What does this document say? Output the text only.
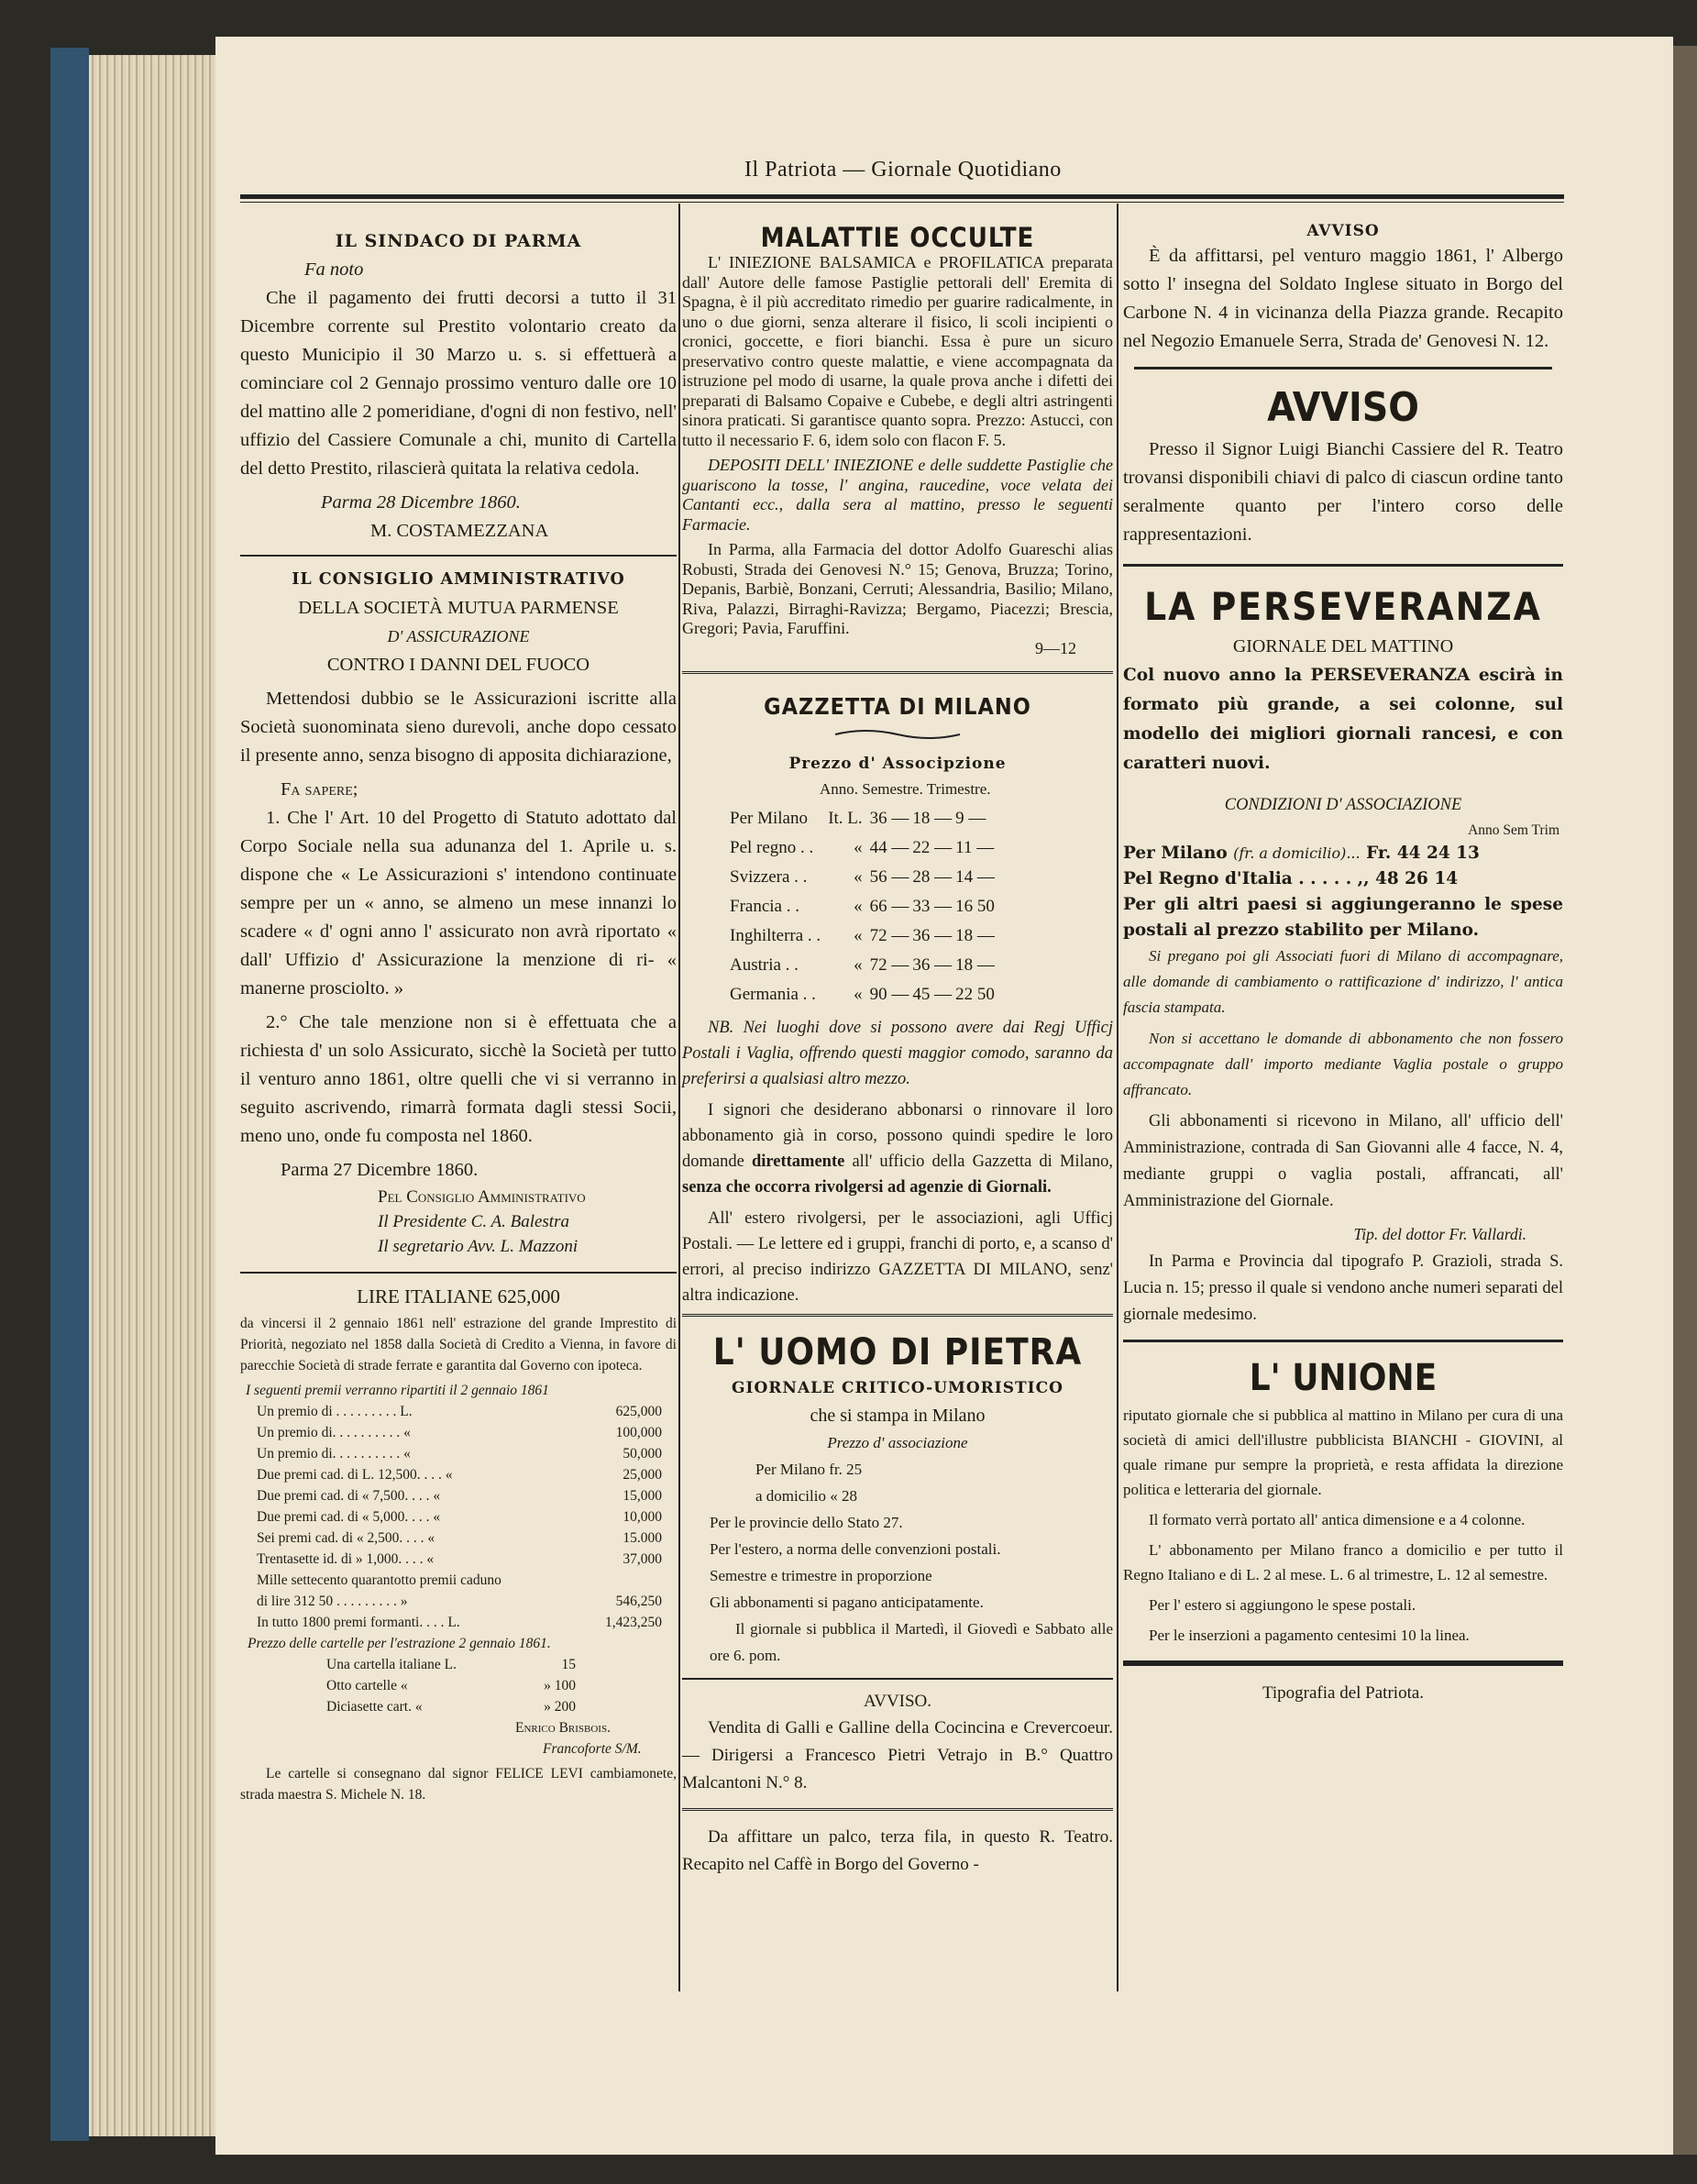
Il Patriota — Giornale Quotidiano
IL SINDACO DI PARMA
Fa noto

Che il pagamento dei frutti decorsi a tutto il 31 Dicembre corrente sul Prestito volontario creato da questo Municipio il 30 Marzo u. s. si effettuerà a cominciare col 2 Gennajo prossimo venturo dalle ore 10 del mattino alle 2 pomeridiane, d'ogni di non festivo, nell' uffizio del Cassiere Comunale a chi, munito di Cartella del detto Prestito, rilascierà quitata la relativa cedola.

Parma 28 Dicembre 1860.
M. COSTAMEZZANA
IL CONSIGLIO AMMINISTRATIVO
DELLA SOCIETÀ MUTUA PARMENSE
D' ASSICURAZIONE
CONTRO I DANNI DEL FUOCO

Mettendosi dubbio se le Assicurazioni iscritte alla Società suonominata sieno durevoli, anche dopo cessato il presente anno, senza bisogno di apposita dichiarazione,

Fa sapere;

1. Che l' Art. 10 del Progetto di Statuto adottato dal Corpo Sociale nella sua adunanza del 1. Aprile u. s. dispone che « Le Assicurazioni s' intendono continuate sempre per un « anno, se almeno un mese innanzi lo scadere « d' ogni anno l' assicurato non avrà riportato « dall' Uffizio d' Assicurazione la menzione di ri- « manerne prosciolto. »

2.° Che tale menzione non si è effettuata che a richiesta d' un solo Assicurato, sicchè la Società per tutto il venturo anno 1861, oltre quelli che vi si verranno in seguito ascrivendo, rimarrà formata dagli stessi Socii, meno uno, onde fu composta nel 1860.

Parma 27 Dicembre 1860.
Pel Consiglio Amministrativo
Il Presidente C. A. Balestra
Il segretario Avv. L. Mazzoni
LIRE ITALIANE 625,000

da vincersi il 2 gennaio 1861 nell' estrazione del grande Imprestito di Priorità, negoziato nel 1858 dalla Società di Credito a Vienna, in favore di parecchie Società di strade ferrate e garantita dal Governo con ipoteca.

I seguenti premii verranno ripartiti il 2 gennaio 1861
Un premio di . . . . . . . . . L.	625,000
Un premio di. . . . . . . . . . «	100,000
Un premio di. . . . . . . . . . «	50,000
Due premi cad. di L. 12,500. . . . «	25,000
Due premi cad. di « 7,500. . . . «	15,000
Due premi cad. di « 5,000. . . . «	10,000
Sei premi cad. di « 2,500. . . . «	15.000
Trentasette id. di » 1,000. . . . «	37,000
Mille settecento quarantotto premii caduno	
di lire 312 50 . . . . . . . . . »	546,250
In tutto 1800 premi formanti. . . . L.	1,423,250
Prezzo delle cartelle per l'estrazione 2 gennaio 1861.
Una cartella italiane L.	15
Otto cartelle «	» 100
Diciasette cart. «	» 200
Enrico Brisbois.
Francoforte S/M.

Le cartelle si consegnano dal signor FELICE LEVI cambiamonete, strada maestra S. Michele N. 18.

MALATTIE OCCULTE

L' INIEZIONE BALSAMICA e PROFILATICA preparata dall' Autore delle famose Pastiglie pettorali dell' Eremita di Spagna, è il più accreditato rimedio per guarire radicalmente, in uno o due giorni, senza alterare il fisico, li scoli incipienti o cronici, goccette, e fiori bianchi. Essa è pure un sicuro preservativo contro queste malattie, e viene accompagnata da istruzione pel modo di usarne, la quale prova anche i difetti dei preparati di Balsamo Copaive e Cubebe, e degli altri astringenti sinora praticati. Si garantisce quanto sopra. Prezzo: Astucci, con tutto il necessario F. 6, idem solo con flacon F. 5.

DEPOSITI DELL' INIEZIONE e delle suddette Pastiglie che guariscono la tosse, l' angina, raucedine, voce velata dei Cantanti ecc., dalla sera al mattino, presso le seguenti Farmacie.

In Parma, alla Farmacia del dottor Adolfo Guareschi alias Robusti, Strada dei Genovesi N.° 15; Genova, Bruzza; Torino, Depanis, Barbiè, Bonzani, Cerruti; Alessandria, Basilio; Milano, Riva, Palazzi, Birraghi-Ravizza; Bergamo, Piacezzi; Brescia, Gregori; Pavia, Faruffini.

9—12
GAZZETTA DI MILANO
Prezzo d' Associpzione
Anno. Semestre. Trimestre.
Per Milano	It. L.	36 —	18 —	9 —
Pel regno . .	«	44 —	22 —	11 —
Svizzera . .	«	56 —	28 —	14 —
Francia . .	«	66 —	33 —	16 50
Inghilterra . .	«	72 —	36 —	18 —
Austria . .	«	72 —	36 —	18 —
Germania . .	«	90 —	45 —	22 50

NB. Nei luoghi dove si possono avere dai Regj Ufficj Postali i Vaglia, offrendo questi maggior comodo, saranno da preferirsi a qualsiasi altro mezzo.

I signori che desiderano abbonarsi o rinnovare il loro abbonamento già in corso, possono quindi spedire le loro domande direttamente all' ufficio della Gazzetta di Milano, senza che occorra rivolgersi ad agenzie di Giornali.

All' estero rivolgersi, per le associazioni, agli Ufficj Postali. — Le lettere ed i gruppi, franchi di porto, e, a scanso d' errori, al preciso indirizzo GAZZETTA DI MILANO, senz' altra indicazione.

L' UOMO DI PIETRA
GIORNALE CRITICO-UMORISTICO
che si stampa in Milano
Prezzo d' associazione
Per Milano fr. 25
a domicilio « 28
Per le provincie dello Stato 27.
Per l'estero, a norma delle convenzioni postali.
Semestre e trimestre in proporzione
Gli abbonamenti si pagano anticipatamente.

Il giornale si pubblica il Martedì, il Giovedì e Sabbato alle ore 6. pom.

AVVISO.

Vendita di Galli e Galline della Cocincina e Crevercoeur. — Dirigersi a Francesco Pietri Vetrajo in B.° Quattro Malcantoni N.° 8.

Da affittare un palco, terza fila, in questo R. Teatro. Recapito nel Caffè in Borgo del Governo -

AVVISO

È da affittarsi, pel venturo maggio 1861, l' Albergo sotto l' insegna del Soldato Inglese situato in Borgo del Carbone N. 4 in vicinanza della Piazza grande. Recapito nel Negozio Emanuele Serra, Strada de' Genovesi N. 12.

AVVISO

Presso il Signor Luigi Bianchi Cassiere del R. Teatro trovansi disponibili chiavi di palco di ciascun ordine tanto seralmente quanto per l'intero corso delle rappresentazioni.

LA PERSEVERANZA
GIORNALE DEL MATTINO
Col nuovo anno la PERSEVERANZA escirà in formato più grande, a sei colonne, sul modello dei migliori giornali rancesi, e con caratteri nuovi.
CONDIZIONI D' ASSOCIAZIONE
Anno Sem Trim
Per Milano (fr. a domicilio)... Fr. 44 24 13
Pel Regno d'Italia . . . . . ,, 48 26 14
Per gli altri paesi si aggiungeranno le spese postali al prezzo stabilito per Milano.

Si pregano poi gli Associati fuori di Milano di accompagnare, alle domande di cambiamento o rattificazione d' indirizzo, l' antica fascia stampata.

Non si accettano le domande di abbonamento che non fossero accompagnate dall' importo mediante Vaglia postale o gruppo affrancato.

Gli abbonamenti si ricevono in Milano, all' ufficio dell' Amministrazione, contrada di San Giovanni alle 4 facce, N. 4, mediante gruppi o vaglia postali, affrancati, all' Amministrazione del Giornale.

Tip. del dottor Fr. Vallardi.

In Parma e Provincia dal tipografo P. Grazioli, strada S. Lucia n. 15; presso il quale si vendono anche numeri separati del giornale medesimo.

L' UNIONE

riputato giornale che si pubblica al mattino in Milano per cura di una società di amici dell'illustre pubblicista BIANCHI - GIOVINI, al quale rimane pur sempre la proprietà, e resta affidata la direzione politica e letteraria del giornale.

Il formato verrà portato all' antica dimensione e a 4 colonne.

L' abbonamento per Milano franco a domicilio e per tutto il Regno Italiano e di L. 2 al mese. L. 6 al trimestre, L. 12 al semestre.

Per l' estero si aggiungono le spese postali.

Per le inserzioni a pagamento centesimi 10 la linea.

Tipografia del Patriota.
